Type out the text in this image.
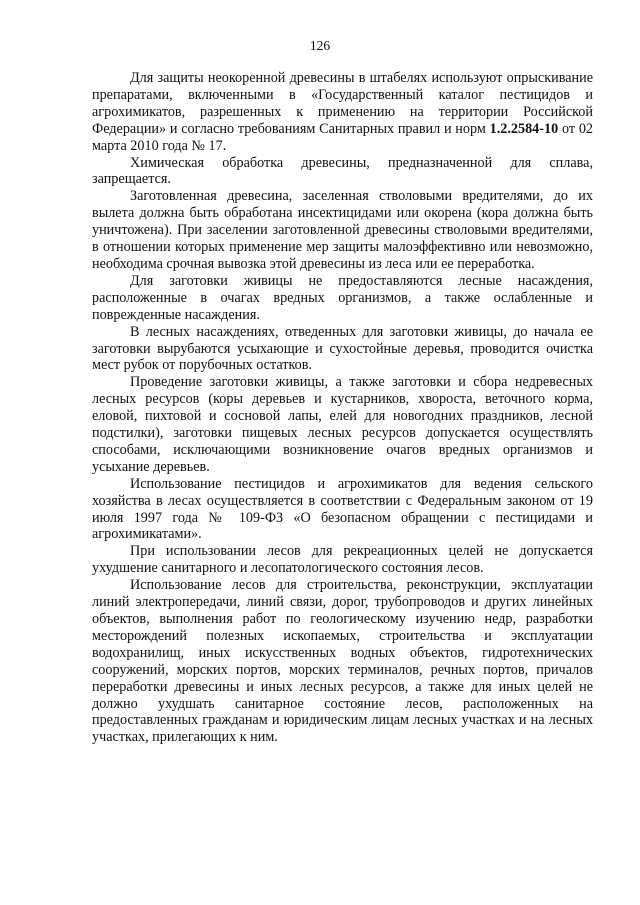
126

Для защиты неокоренной древесины в штабелях используют опрыскивание препаратами, включенными в «Государственный каталог пестицидов и агрохимикатов, разрешенных к применению на территории Российской Федерации» и согласно требованиям Санитарных правил и норм 1.2.2584-10 от 02 марта 2010 года № 17.

Химическая обработка древесины, предназначенной для сплава, запрещается.

Заготовленная древесина, заселенная стволовыми вредителями, до их вылета должна быть обработана инсектицидами или окорена (кора должна быть уничтожена). При заселении заготовленной древесины стволовыми вредителями, в отношении которых применение мер защиты малоэффективно или невозможно, необходима срочная вывозка этой древесины из леса или ее переработка.

Для заготовки живицы не предоставляются лесные насаждения, расположенные в очагах вредных организмов, а также ослабленные и поврежденные насаждения.

В лесных насаждениях, отведенных для заготовки живицы, до начала ее заготовки вырубаются усыхающие и сухостойные деревья, проводится очистка мест рубок от порубочных остатков.

Проведение заготовки живицы, а также заготовки и сбора недревесных лесных ресурсов (коры деревьев и кустарников, хвороста, веточного корма, еловой, пихтовой и сосновой лапы, елей для новогодних праздников, лесной подстилки), заготовки пищевых лесных ресурсов допускается осуществлять способами, исключающими возникновение очагов вредных организмов и усыхание деревьев.

Использование пестицидов и агрохимикатов для ведения сельского хозяйства в лесах осуществляется в соответствии с Федеральным законом от 19 июля 1997 года № 109-ФЗ «О безопасном обращении с пестицидами и агрохимикатами».

При использовании лесов для рекреационных целей не допускается ухудшение санитарного и лесопатологического состояния лесов.

Использование лесов для строительства, реконструкции, эксплуатации линий электропередачи, линий связи, дорог, трубопроводов и других линейных объектов, выполнения работ по геологическому изучению недр, разработки месторождений полезных ископаемых, строительства и эксплуатации водохранилищ, иных искусственных водных объектов, гидротехнических сооружений, морских портов, морских терминалов, речных портов, причалов переработки древесины и иных лесных ресурсов, а также для иных целей не должно ухудшать санитарное состояние лесов, расположенных на предоставленных гражданам и юридическим лицам лесных участках и на лесных участках, прилегающих к ним.
